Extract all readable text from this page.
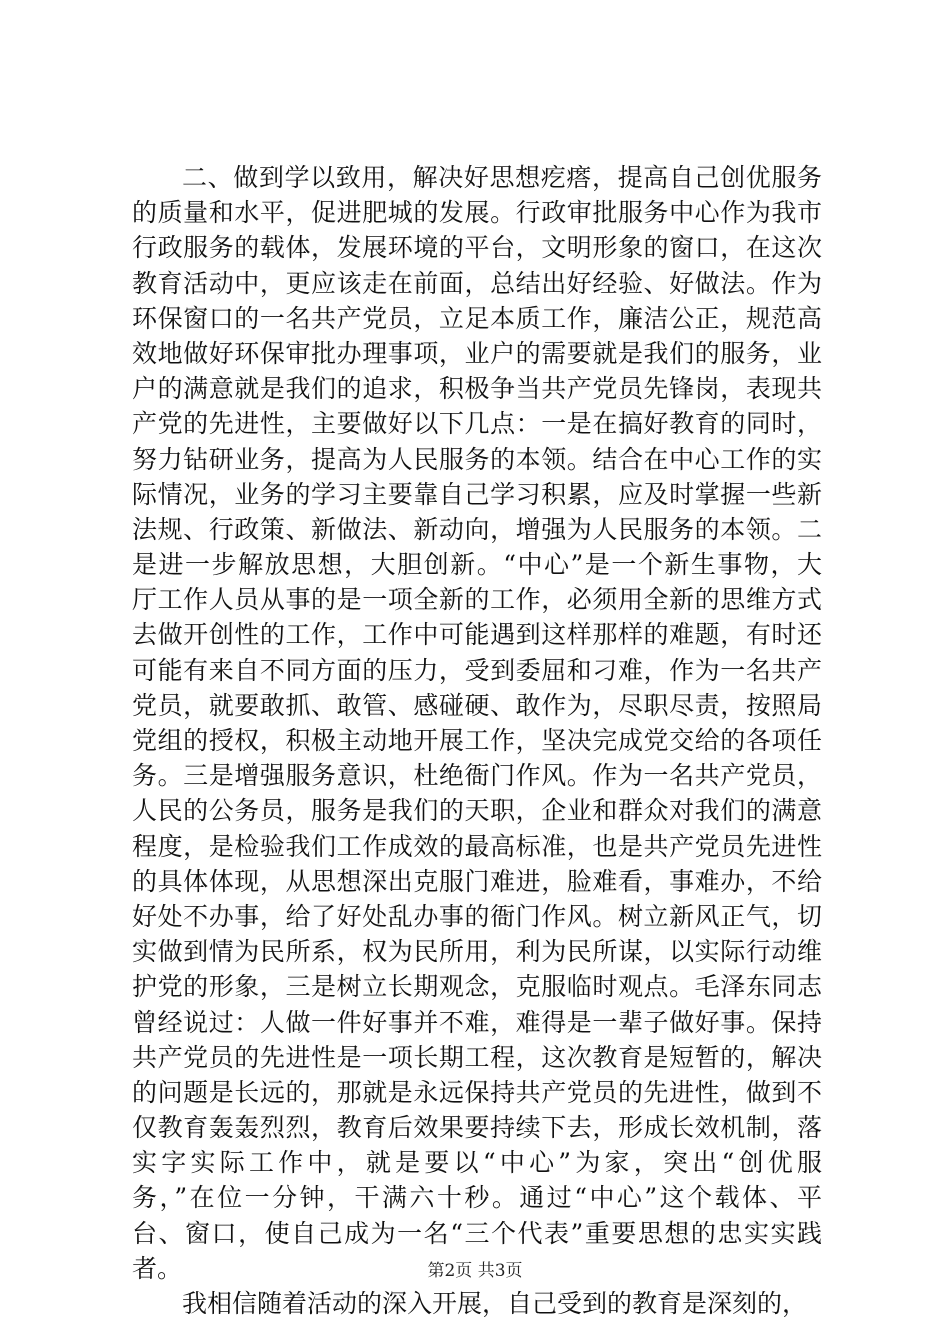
二、做到学以致用，解决好思想疙瘩，提高自己创优服务
的质量和水平，促进肥城的发展。行政审批服务中心作为我市
行政服务的载体，发展环境的平台，文明形象的窗口，在这次
教育活动中，更应该走在前面，总结出好经验、好做法。作为
环保窗口的一名共产党员，立足本质工作，廉洁公正，规范高
效地做好环保审批办理事项，业户的需要就是我们的服务，业
户的满意就是我们的追求，积极争当共产党员先锋岗，表现共
产党的先进性，主要做好以下几点：一是在搞好教育的同时，
努力钻研业务，提高为人民服务的本领。结合在中心工作的实
际情况，业务的学习主要靠自己学习积累，应及时掌握一些新
法规、行政策、新做法、新动向，增强为人民服务的本领。二
是进一步解放思想，大胆创新。“中心”是一个新生事物，大
厅工作人员从事的是一项全新的工作，必须用全新的思维方式
去做开创性的工作，工作中可能遇到这样那样的难题，有时还
可能有来自不同方面的压力，受到委屈和刁难，作为一名共产
党员，就要敢抓、敢管、感碰硬、敢作为，尽职尽责，按照局
党组的授权，积极主动地开展工作，坚决完成党交给的各项任
务。三是增强服务意识，杜绝衙门作风。作为一名共产党员，
人民的公务员，服务是我们的天职，企业和群众对我们的满意
程度，是检验我们工作成效的最高标准，也是共产党员先进性
的具体体现，从思想深出克服门难进，脸难看，事难办，不给
好处不办事，给了好处乱办事的衙门作风。树立新风正气，切
实做到情为民所系，权为民所用，利为民所谋，以实际行动维
护党的形象，三是树立长期观念，克服临时观点。毛泽东同志
曾经说过：人做一件好事并不难，难得是一辈子做好事。保持
共产党员的先进性是一项长期工程，这次教育是短暂的，解决
的问题是长远的，那就是永远保持共产党员的先进性，做到不
仅教育轰轰烈烈，教育后效果要持续下去，形成长效机制，落
实字实际工作中，就是要以“中心”为家，突出“创优服
务，”在位一分钟，干满六十秒。通过“中心”这个载体、平
台、窗口，使自己成为一名“三个代表”重要思想的忠实实践
者。
我相信随着活动的深入开展，自己受到的教育是深刻的，
第2页 共3页
